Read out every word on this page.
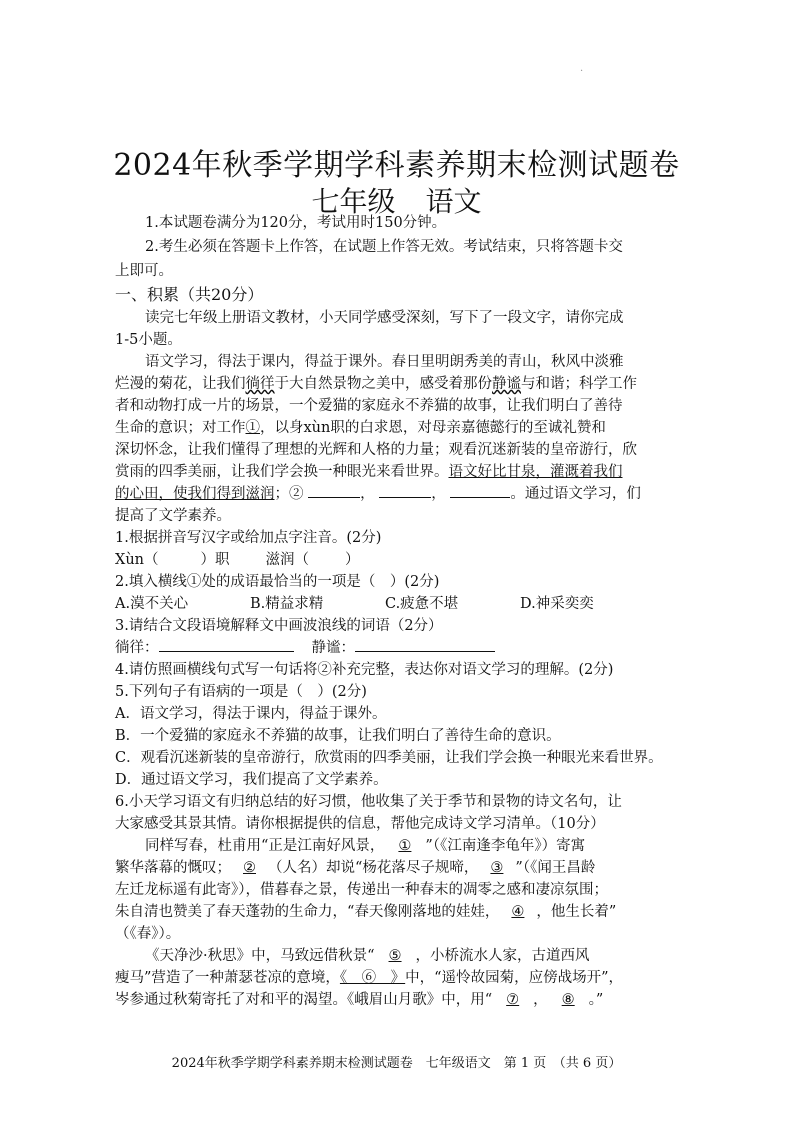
·
2024年秋季学期学科素养期末检测试题卷
七年级 语文
1.本试题卷满分为120分，考试用时150分钟。
2.考生必须在答题卡上作答，在试题上作答无效。考试结束，只将答题卡交
上即可。
一、积累（共20分）
读完七年级上册语文教材，小天同学感受深刻，写下了一段文字，请你完成
1-5小题。
语文学习，得法于课内，得益于课外。春日里明朗秀美的青山，秋风中淡雅
烂漫的菊花，让我们徜徉于大自然景物之美中，感受着那份静谧与和谐；科学工作
者和动物打成一片的场景，一个爱猫的家庭永不养猫的故事，让我们明白了善待
生命的意识；对工作①，以身xùn职的白求恩，对母亲嘉德懿行的至诚礼赞和
深切怀念，让我们懂得了理想的光辉和人格的力量；观看沉迷新装的皇帝游行，欣
赏雨的四季美丽，让我们学会换一种眼光来看世界。语文好比甘泉，灌溉着我们
的心田，使我们得到滋润；②	，	，	。通过语文学习，们
提高了文学素养。
1.根据拼音写汉字或给加点字注音。(2分)
Xùn（	）职 滋润（ ）
2.填入横线①处的成语最恰当的一项是（　）(2分)
A.漠不关心	B.精益求精	C.疲惫不堪	D.神采奕奕
3.请结合文段语境解释文中画波浪线的词语（2分）
徜徉：	静谧：
4.请仿照画横线句式写一句话将②补充完整，表达你对语文学习的理解。(2分)
5.下列句子有语病的一项是（　）(2分)
A．语文学习，得法于课内，得益于课外。
B．一个爱猫的家庭永不养猫的故事，让我们明白了善待生命的意识。
C．观看沉迷新装的皇帝游行，欣赏雨的四季美丽，让我们学会换一种眼光来看世界。
D．通过语文学习，我们提高了文学素养。
6.小天学习语文有归纳总结的好习惯，他收集了关于季节和景物的诗文名句，让
大家感受其景其情。请你根据提供的信息，帮他完成诗文学习清单。（10分）
同样写春，杜甫用“正是江南好风景， ① ”（《江南逢李龟年》）寄寓
繁华落幕的慨叹； ② （人名）却说“杨花落尽子规啼， ③ ”（《闻王昌龄
左迁龙标遥有此寄》），借暮春之景，传递出一种春末的凋零之感和凄凉氛围；
朱自清也赞美了春天蓬勃的生命力，“春天像刚落地的娃娃， ④ ，他生长着”
（《春》）。
《天净沙·秋思》中，马致远借秋景“ ⑤ ，小桥流水人家，古道西风
瘦马”营造了一种萧瑟苍凉的意境，《　⑥　》中，“遥怜故园菊，应傍战场开”，
岑参通过秋菊寄托了对和平的渴望。《峨眉山月歌》中，用“ ⑦ ， ⑧ 。”
2024年秋季学期学科素养期末检测试题卷　七年级语文　第 1 页　（共 6 页）
